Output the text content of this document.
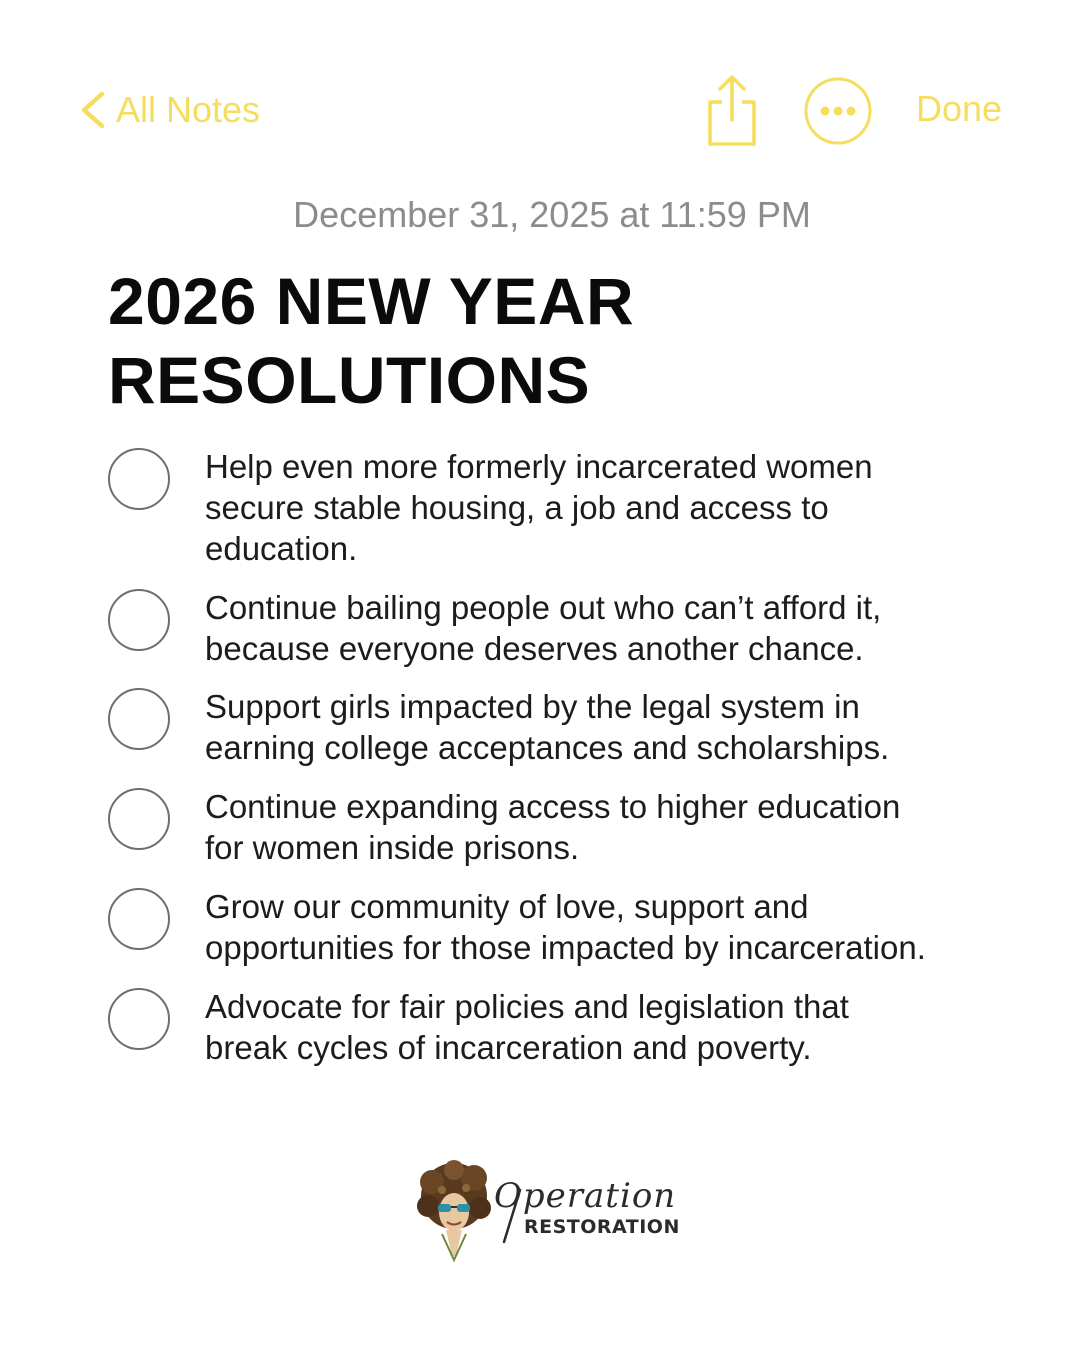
All Notes	Done
December 31, 2025 at 11:59 PM
2026 NEW YEAR
RESOLUTIONS
Help even more formerly incarcerated women
secure stable housing, a job and access to
education.
Continue bailing people out who can’t afford it,
because everyone deserves another chance.
Support girls impacted by the legal system in
earning college acceptances and scholarships.
Continue expanding access to higher education
for women inside prisons.
Grow our community of love, support and
opportunities for those impacted by incarceration.
Advocate for fair policies and legislation that
break cycles of incarceration and poverty.
Operation
RESTORATION
